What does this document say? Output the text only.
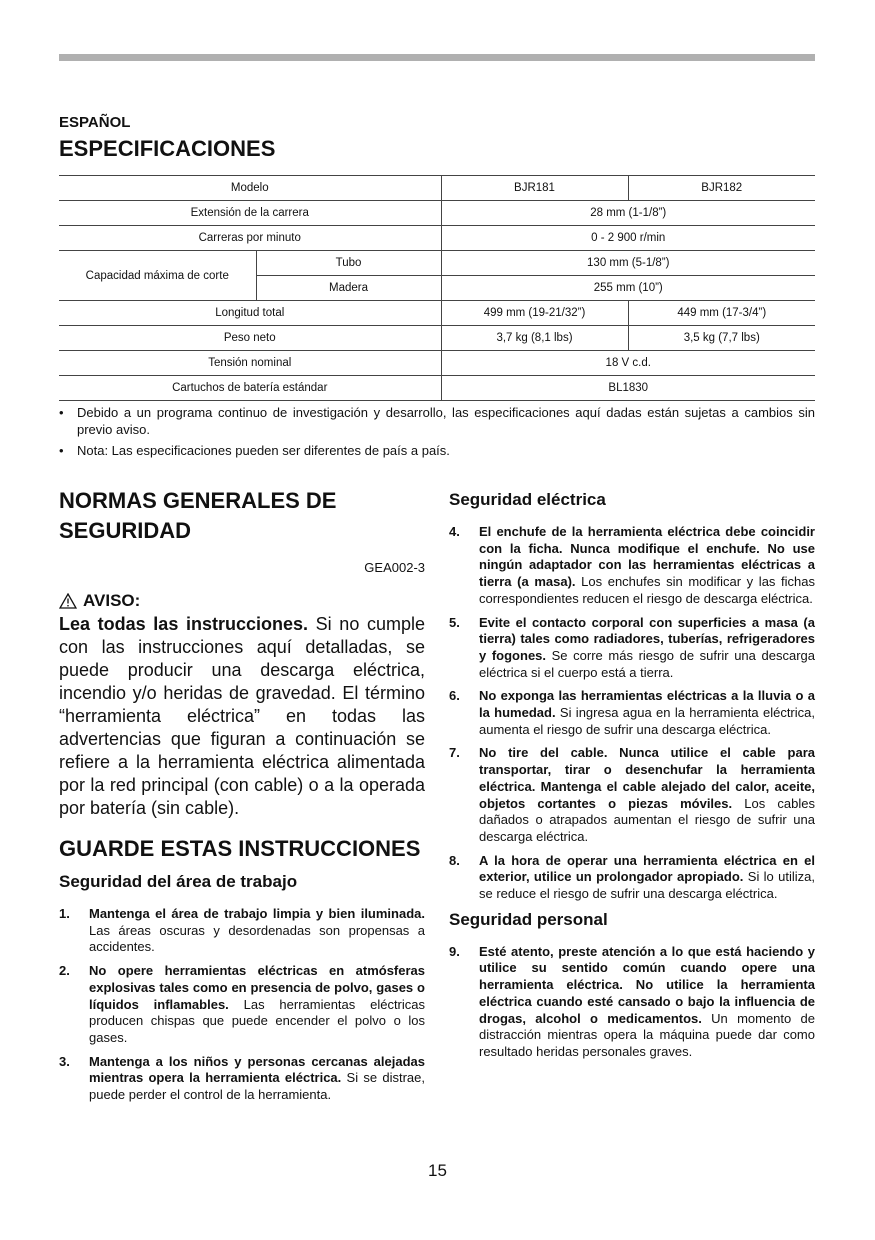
ESPAÑOL
ESPECIFICACIONES
Modelo		BJR181	BJR182
Extensión de la carrera		28 mm (1-1/8”)	
Carreras por minuto		0 - 2 900 r/min	
Capacidad máxima de corte	Tubo	130 mm (5-1/8”)	
	Madera	255 mm (10”)	
Longitud total		499 mm (19-21/32”)	449 mm (17-3/4”)
Peso neto		3,7 kg (8,1 lbs)	3,5 kg (7,7 lbs)
Tensión nominal		18 V c.d.	
Cartuchos de batería estándar		BL1830	
• Debido a un programa continuo de investigación y desarrollo, las especificaciones aquí dadas están sujetas a cambios sin previo aviso.
• Nota: Las especificaciones pueden ser diferentes de país a país.
NORMAS GENERALES DE SEGURIDAD
GEA002-3
AVISO:
Lea todas las instrucciones. Si no cumple con las instrucciones aquí detalladas, se puede producir una descarga eléctrica, incendio y/o heridas de gravedad. El término “herramienta eléctrica” en todas las advertencias que figuran a continuación se refiere a la herramienta eléctrica alimentada por la red principal (con cable) o a la operada por batería (sin cable).
GUARDE ESTAS INSTRUCCIONES
Seguridad del área de trabajo
1. Mantenga el área de trabajo limpia y bien iluminada. Las áreas oscuras y desordenadas son propensas a accidentes.
2. No opere herramientas eléctricas en atmósferas explosivas tales como en presencia de polvo, gases o líquidos inflamables. Las herramientas eléctricas producen chispas que puede encender el polvo o los gases.
3. Mantenga a los niños y personas cercanas alejadas mientras opera la herramienta eléctrica. Si se distrae, puede perder el control de la herramienta.
Seguridad eléctrica
4. El enchufe de la herramienta eléctrica debe coincidir con la ficha. Nunca modifique el enchufe. No use ningún adaptador con las herramientas eléctricas a tierra (a masa). Los enchufes sin modificar y las fichas correspondientes reducen el riesgo de descarga eléctrica.
5. Evite el contacto corporal con superficies a masa (a tierra) tales como radiadores, tuberías, refrigeradores y fogones. Se corre más riesgo de sufrir una descarga eléctrica si el cuerpo está a tierra.
6. No exponga las herramientas eléctricas a la lluvia o a la humedad. Si ingresa agua en la herramienta eléctrica, aumenta el riesgo de sufrir una descarga eléctrica.
7. No tire del cable. Nunca utilice el cable para transportar, tirar o desenchufar la herramienta eléctrica. Mantenga el cable alejado del calor, aceite, objetos cortantes o piezas móviles. Los cables dañados o atrapados aumentan el riesgo de sufrir una descarga eléctrica.
8. A la hora de operar una herramienta eléctrica en el exterior, utilice un prolongador apropiado. Si lo utiliza, se reduce el riesgo de sufrir una descarga eléctrica.
Seguridad personal
9. Esté atento, preste atención a lo que está haciendo y utilice su sentido común cuando opere una herramienta eléctrica. No utilice la herramienta eléctrica cuando esté cansado o bajo la influencia de drogas, alcohol o medicamentos. Un momento de distracción mientras opera la máquina puede dar como resultado heridas personales graves.
15
